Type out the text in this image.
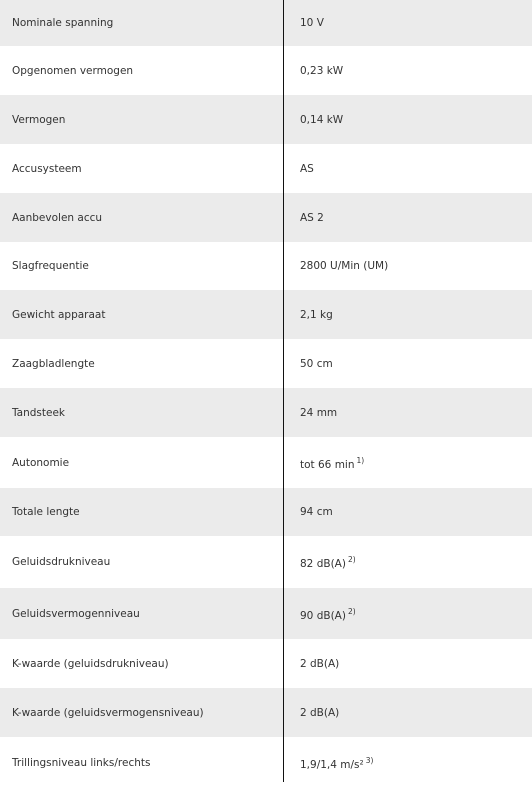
Nominale spanning	10 V
Opgenomen vermogen	0,23 kW
Vermogen	0,14 kW
Accusysteem	AS
Aanbevolen accu	AS 2
Slagfrequentie	2800 U/Min (UM)
Gewicht apparaat	2,1 kg
Zaagbladlengte	50 cm
Tandsteek	24 mm
Autonomie	tot 66 min $^{1)}$
Totale lengte	94 cm
Geluidsdrukniveau	82 dB(A) $^{2)}$
Geluidsvermogenniveau	90 dB(A) $^{2)}$
K-waarde (geluidsdrukniveau)	2 dB(A)
K-waarde (geluidsvermogensniveau)	2 dB(A)
Trillingsniveau links/rechts	1,9/1,4 m/s² $^{3)}$
